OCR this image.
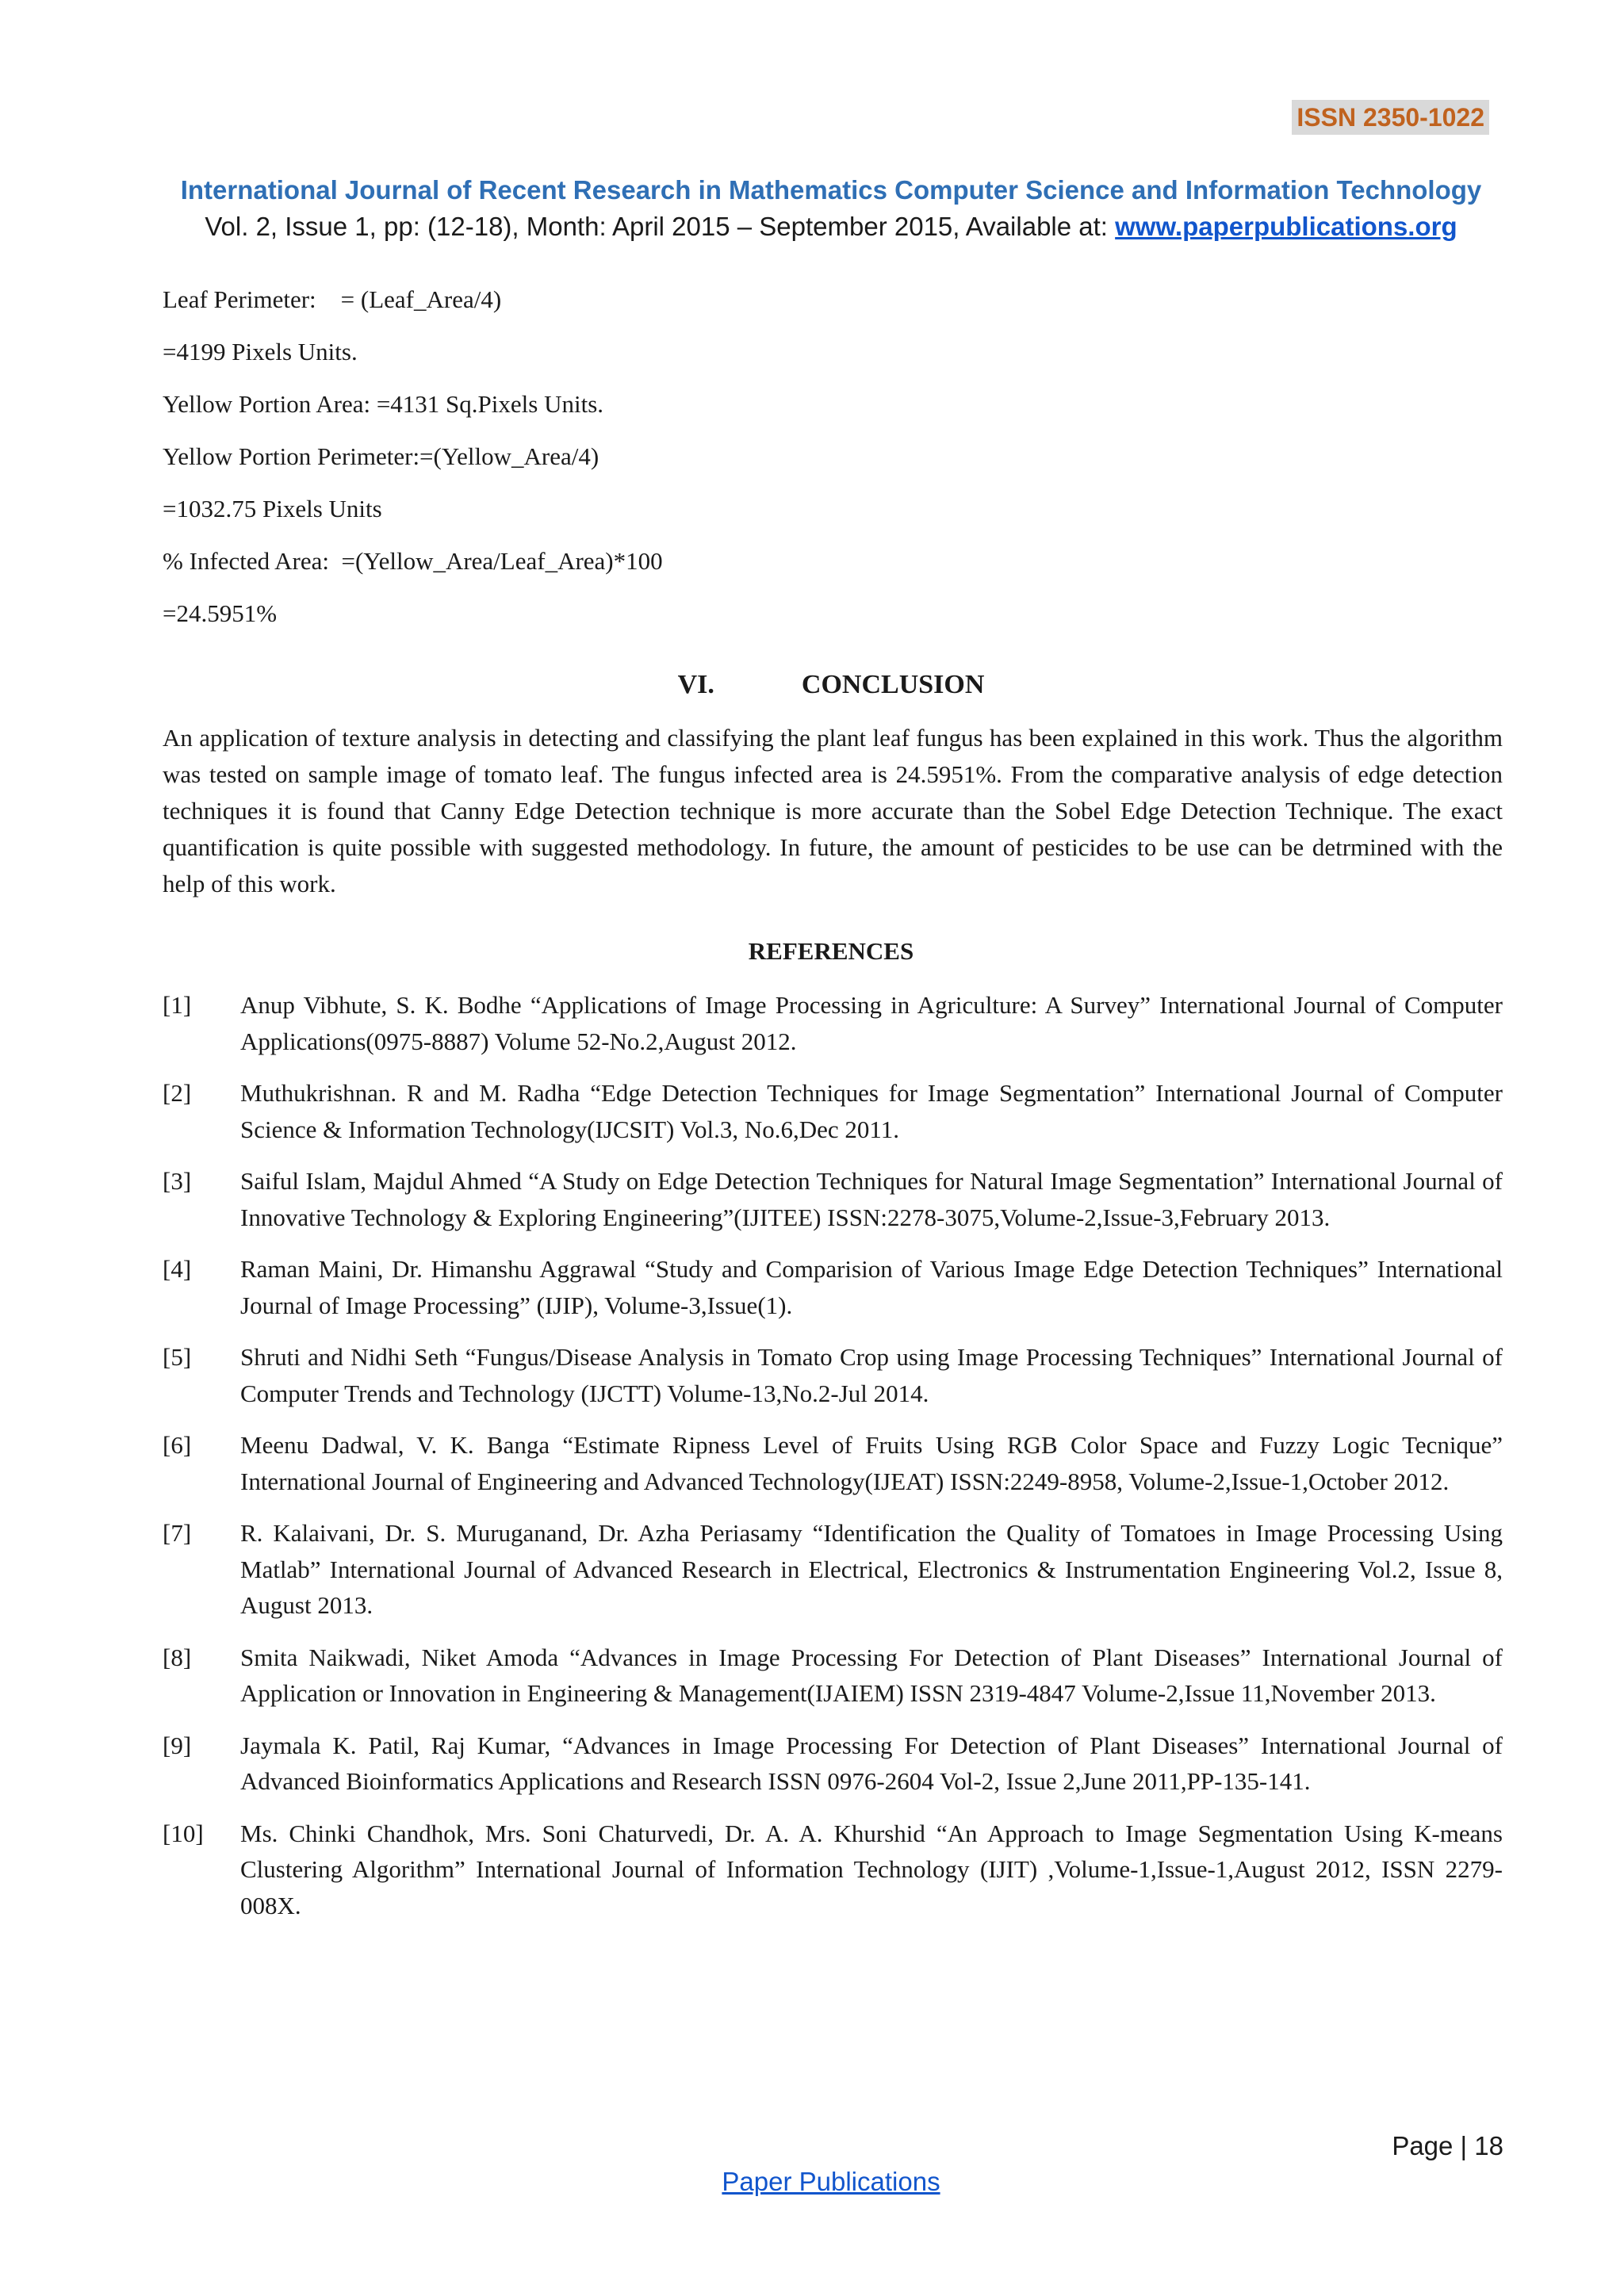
ISSN 2350-1022
International Journal of Recent Research in Mathematics Computer Science and Information Technology
Vol. 2, Issue 1, pp: (12-18), Month: April 2015 – September 2015, Available at: www.paperpublications.org
Leaf Perimeter:    = (Leaf_Area/4)
=4199 Pixels Units.
Yellow Portion Area: =4131 Sq.Pixels Units.
Yellow Portion Perimeter:=(Yellow_Area/4)
=1032.75 Pixels Units
% Infected Area:  =(Yellow_Area/Leaf_Area)*100
=24.5951%
VI.	CONCLUSION
An application of texture analysis in detecting and classifying the plant leaf fungus has been explained in this work. Thus the algorithm was tested on sample image of tomato leaf. The fungus infected area is 24.5951%. From the comparative analysis of edge detection techniques it is found that Canny Edge Detection technique is more accurate than the Sobel Edge Detection Technique. The exact quantification is quite possible with suggested methodology. In future, the amount of pesticides to be use can be detrmined with the help of this work.
REFERENCES
[1] Anup Vibhute, S. K. Bodhe “Applications of Image Processing in Agriculture: A Survey” International Journal of Computer Applications(0975-8887) Volume 52-No.2,August 2012.
[2] Muthukrishnan. R and M. Radha “Edge Detection Techniques for Image Segmentation” International Journal of Computer Science & Information Technology(IJCSIT) Vol.3, No.6,Dec 2011.
[3] Saiful Islam, Majdul Ahmed “A Study on Edge Detection Techniques for Natural Image Segmentation” International Journal of Innovative Technology & Exploring Engineering”(IJITEE) ISSN:2278-3075,Volume-2,Issue-3,February 2013.
[4] Raman Maini, Dr. Himanshu Aggrawal “Study and Comparision of Various Image Edge Detection Techniques” International Journal of Image Processing” (IJIP), Volume-3,Issue(1).
[5] Shruti and Nidhi Seth “Fungus/Disease Analysis in Tomato Crop using Image Processing Techniques” International Journal of Computer Trends and Technology (IJCTT) Volume-13,No.2-Jul 2014.
[6] Meenu Dadwal, V. K. Banga “Estimate Ripness Level of Fruits Using RGB Color Space and Fuzzy Logic Tecnique” International Journal of Engineering and Advanced Technology(IJEAT) ISSN:2249-8958, Volume-2,Issue-1,October 2012.
[7] R. Kalaivani, Dr. S. Muruganand, Dr. Azha Periasamy “Identification the Quality of Tomatoes in Image Processing Using Matlab” International Journal of Advanced Research in Electrical, Electronics & Instrumentation Engineering Vol.2, Issue 8, August 2013.
[8] Smita Naikwadi, Niket Amoda “Advances in Image Processing For Detection of Plant Diseases” International Journal of Application or Innovation in Engineering & Management(IJAIEM) ISSN 2319-4847 Volume-2,Issue 11,November 2013.
[9] Jaymala K. Patil, Raj Kumar, “Advances in Image Processing For Detection of Plant Diseases” International Journal of Advanced Bioinformatics Applications and Research ISSN 0976-2604 Vol-2, Issue 2,June 2011,PP-135-141.
[10] Ms. Chinki Chandhok, Mrs. Soni Chaturvedi, Dr. A. A. Khurshid “An Approach to Image Segmentation Using K-means Clustering Algorithm” International Journal of Information Technology (IJIT) ,Volume-1,Issue-1,August 2012, ISSN 2279-008X.
Page | 18
Paper Publications
